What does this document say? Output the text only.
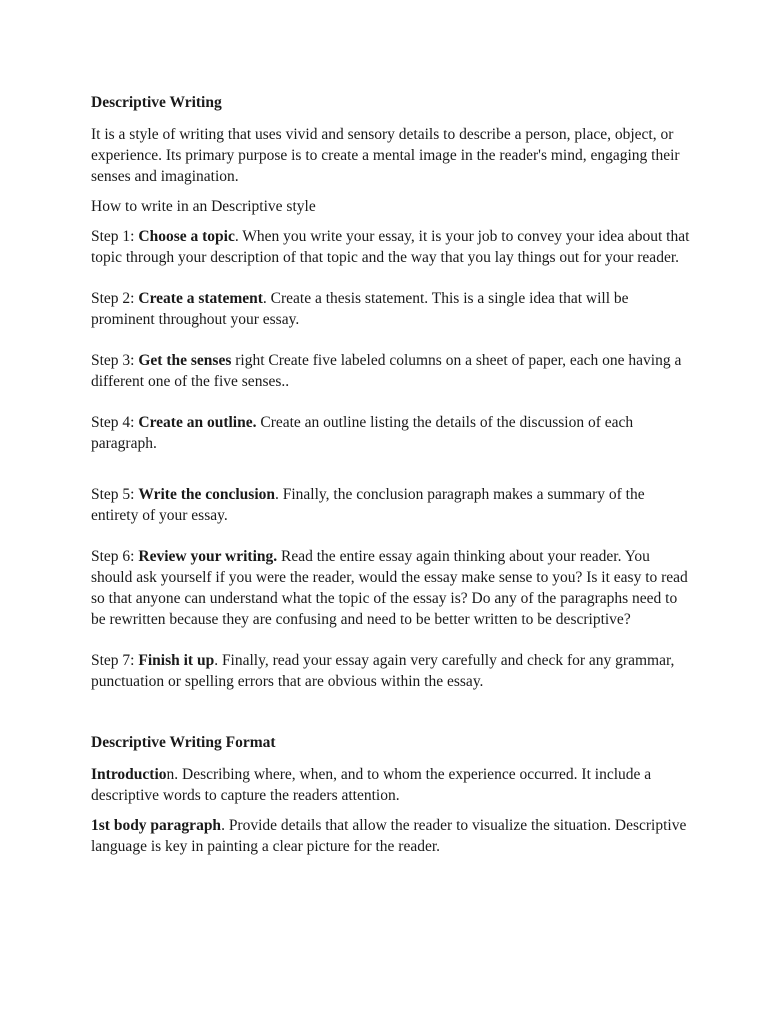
Descriptive Writing
It is a style of writing that uses vivid and sensory details to describe a person, place, object, or experience. Its primary purpose is to create a mental image in the reader's mind, engaging their senses and imagination.
How to write in an Descriptive style
Step 1: Choose a topic. When you write your essay, it is your job to convey your idea about that topic through your description of that topic and the way that you lay things out for your reader.
Step 2: Create a statement. Create a thesis statement. This is a single idea that will be prominent throughout your essay.
Step 3: Get the senses right Create five labeled columns on a sheet of paper, each one having a different one of the five senses..
Step 4: Create an outline. Create an outline listing the details of the discussion of each paragraph.
Step 5: Write the conclusion. Finally, the conclusion paragraph makes a summary of the entirety of your essay.
Step 6: Review your writing. Read the entire essay again thinking about your reader. You should ask yourself if you were the reader, would the essay make sense to you? Is it easy to read so that anyone can understand what the topic of the essay is? Do any of the paragraphs need to be rewritten because they are confusing and need to be better written to be descriptive?
Step 7: Finish it up. Finally, read your essay again very carefully and check for any grammar, punctuation or spelling errors that are obvious within the essay.
Descriptive Writing Format
Introduction. Describing where, when, and to whom the experience occurred. It include a descriptive words to capture the readers attention.
1st body paragraph. Provide details that allow the reader to visualize the situation. Descriptive language is key in painting a clear picture for the reader.
